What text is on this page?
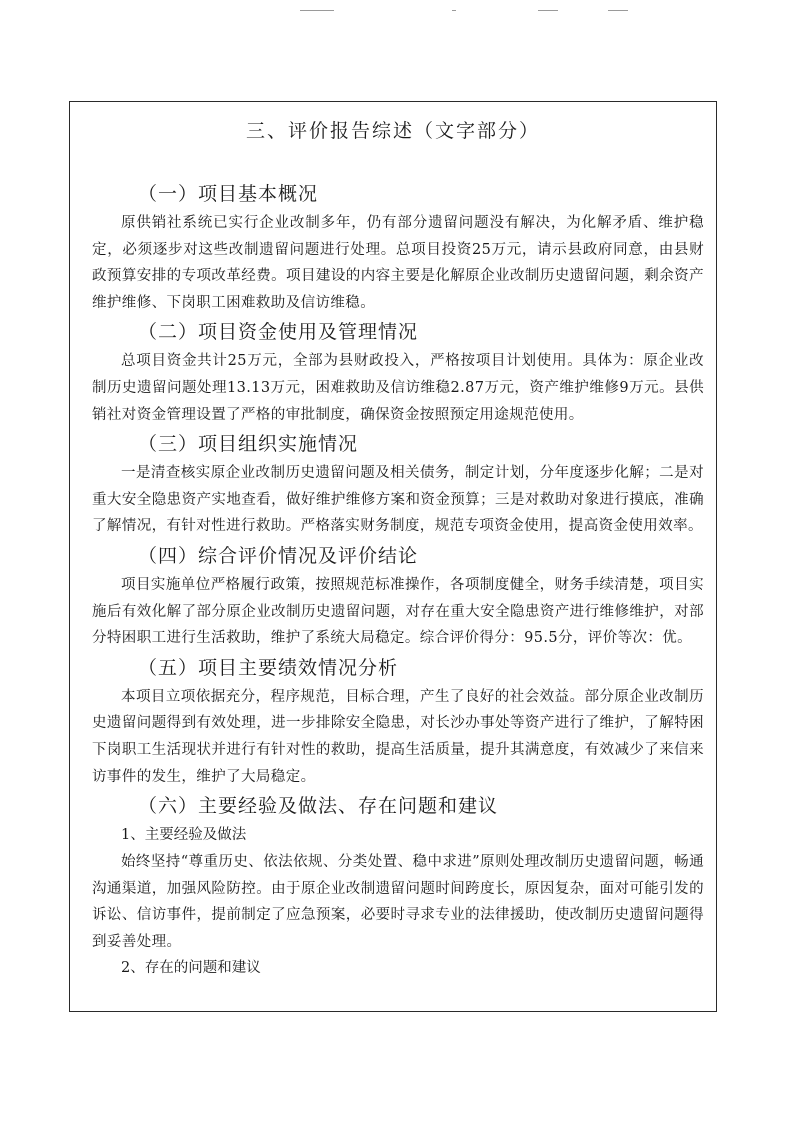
三、评价报告综述（文字部分）
（一）项目基本概况
原供销社系统已实行企业改制多年，仍有部分遗留问题没有解决，为化解矛盾、维护稳定，必须逐步对这些改制遗留问题进行处理。总项目投资25万元，请示县政府同意，由县财政预算安排的专项改革经费。项目建设的内容主要是化解原企业改制历史遗留问题，剩余资产维护维修、下岗职工困难救助及信访维稳。
（二）项目资金使用及管理情况
总项目资金共计25万元，全部为县财政投入，严格按项目计划使用。具体为：原企业改制历史遗留问题处理13.13万元，困难救助及信访维稳2.87万元，资产维护维修9万元。县供销社对资金管理设置了严格的审批制度，确保资金按照预定用途规范使用。
（三）项目组织实施情况
一是清查核实原企业改制历史遗留问题及相关债务，制定计划，分年度逐步化解；二是对重大安全隐患资产实地查看，做好维护维修方案和资金预算；三是对救助对象进行摸底，准确了解情况，有针对性进行救助。严格落实财务制度，规范专项资金使用，提高资金使用效率。
（四）综合评价情况及评价结论
项目实施单位严格履行政策，按照规范标准操作，各项制度健全，财务手续清楚，项目实施后有效化解了部分原企业改制历史遗留问题，对存在重大安全隐患资产进行维修维护，对部分特困职工进行生活救助，维护了系统大局稳定。综合评价得分：95.5分，评价等次：优。
（五）项目主要绩效情况分析
本项目立项依据充分，程序规范，目标合理，产生了良好的社会效益。部分原企业改制历史遗留问题得到有效处理，进一步排除安全隐患，对长沙办事处等资产进行了维护，了解特困下岗职工生活现状并进行有针对性的救助，提高生活质量，提升其满意度，有效减少了来信来访事件的发生，维护了大局稳定。
（六）主要经验及做法、存在问题和建议
1、主要经验及做法
始终坚持“尊重历史、依法依规、分类处置、稳中求进”原则处理改制历史遗留问题，畅通沟通渠道，加强风险防控。由于原企业改制遗留问题时间跨度长，原因复杂，面对可能引发的诉讼、信访事件，提前制定了应急预案，必要时寻求专业的法律援助，使改制历史遗留问题得到妥善处理。
2、存在的问题和建议
